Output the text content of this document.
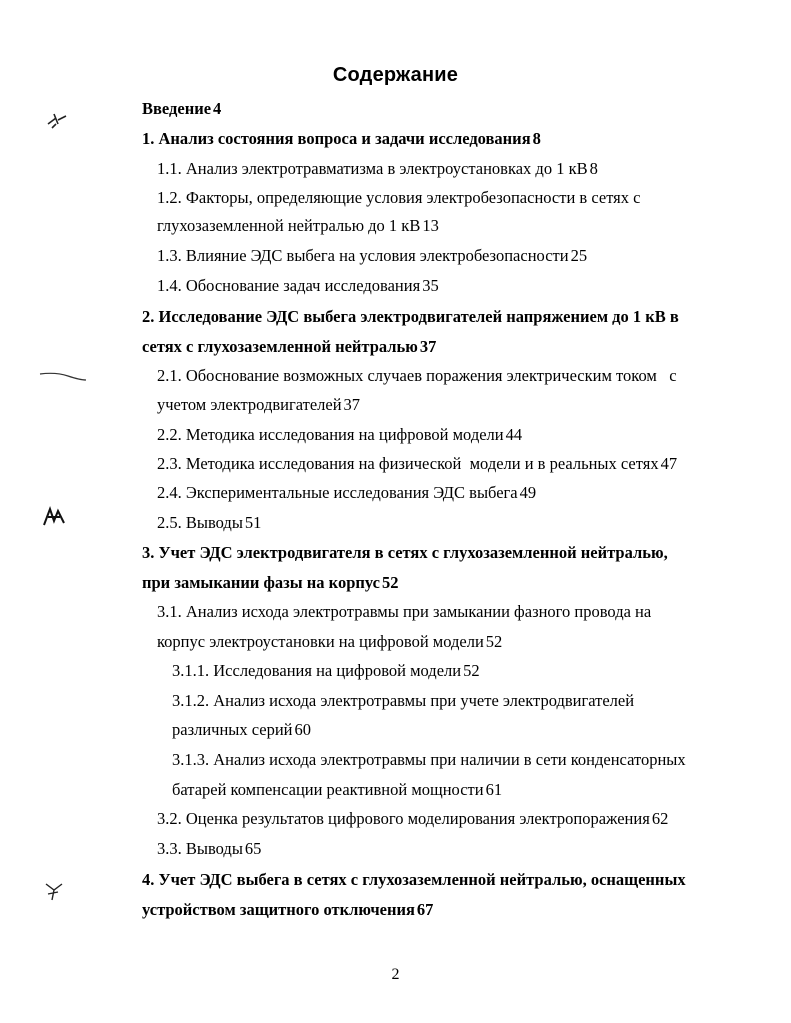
Содержание
Введение 4
1. Анализ состояния вопроса и задачи исследования 8
1.1. Анализ электротравматизма в электроустановках до 1 кВ 8
1.2. Факторы, определяющие условия электробезопасности в сетях с
глухозаземленной нейтралью до 1 кВ 13
1.3. Влияние ЭДС выбега на условия электробезопасности 25
1.4. Обоснование задач исследования 35
2. Исследование ЭДС выбега электродвигателей напряжением до 1 кВ в
сетях с глухозаземленной нейтралью 37
2.1. Обоснование возможных случаев поражения электрическим током   с
учетом электродвигателей 37
2.2. Методика исследования на цифровой модели 44
2.3. Методика исследования на физической  модели и в реальных сетях 47
2.4. Экспериментальные исследования ЭДС выбега 49
2.5. Выводы 51
3. Учет ЭДС электродвигателя в сетях с глухозаземленной нейтралью,
при замыкании фазы на корпус 52
3.1. Анализ исхода электротравмы при замыкании фазного провода на
корпус электроустановки на цифровой модели 52
3.1.1. Исследования на цифровой модели 52
3.1.2. Анализ исхода электротравмы при учете электродвигателей
различных серий 60
3.1.3. Анализ исхода электротравмы при наличии в сети конденсаторных
батарей компенсации реактивной мощности 61
3.2. Оценка результатов цифрового моделирования электропоражения 62
3.3. Выводы 65
4. Учет ЭДС выбега в сетях с глухозаземленной нейтралью, оснащенных
устройством защитного отключения 67
2
